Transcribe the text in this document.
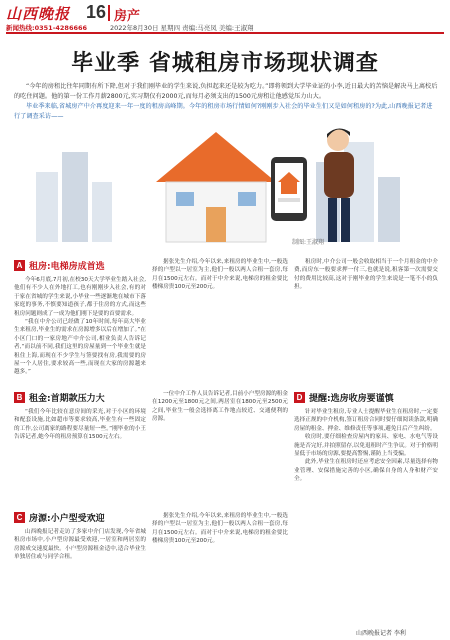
山西晚报 16 房产
新闻热线:0351-4286666	2022年8月30日 星期四 责编:马亮凤 美编:王淑翔
毕业季 省城租房市场现状调查

“今年的房租比往年同期有所下降,但对于我们刚毕业的学生来说,负担起来还是较为吃力。”即将领到大学毕业证的小李,近日最大的苦恼是解决马上离校后的吃住问题。他的第一份工作月薪2800元,实习期仅有2000元,而每月必须支出的1500元房租让他感觉压力山大。

毕业季来临,省城房产中介再度迎来一年一度的租房高峰期。今年的租房市场行情如何?刚刚步入社会的毕业生们又是如何租房的?为此,山西晚报记者进行了调查采访——

制图:王淑翔
A 租房:电梯房成首选

今年6月底,7月初,在校30天大学毕业生踏入社会,他们有不少人在外地打工,也有刚刚步入社会,有的对于家在省城的学生来说,小毕业一些逐渐地在城市下落家庭的事务,不慎要知道孩子,都于住房的方式,而这些租房问题则成了一成为他们刚下是要的首要需求。

“我在中介公司已经做了10年时间,每年高大毕业生来租房,毕业生的需求在房源增多以后在增加了。”在小区门口的一家房地产中介公司,相业负责人告诉记者,“而以前不同,我们这里的房屋量到一个毕业生就是租住上海,而现在不少学生与签要找有房,我需要的房屋一个人居住,要求较高一些,而现在大家的房源越来越多。”

据张先生介绍,今年以来,来租房的毕业生中,一般选择的户型以一居室为主,他们一般以两人合租一套房,每月在1500元左右。而对于中介来说,电梯房的租金要比楼梯房贵100元至200元。

租房时,中介公司一般会收取相当于一个月租金的中介费,而房东一般要求押一付三,也就是说,租客第一次需要交付的费用比较高,这对于刚毕业的学生来说是一笔不小的负担。

B 租金:首期款压力大

“我们今年比较在意房间的采光,对于小区的环境和配套设施,比如超市等要求较高,毕业生有一些固定的工作,公司离家的路程要尽量短一些。”刚毕业的小王告诉记者,她今年的租房预算在1500元左右。

一位中介工作人员告诉记者,目前小户型房源的租金在1200元至1800元之间,两居室在1800元至2500元之间,毕业生一般会选择离工作地点较近、交通便利的房源。

D 提醒:选房收房要谨慎

针对毕业生租房,专业人士提醒毕业生在租房时,一定要选择正规的中介机构,签订租房合同时要仔细阅读条款,明确房屋的租金、押金、维修责任等事项,避免日后产生纠纷。

收房时,要仔细检查房屋内的家具、家电、水电气等设施是否完好,并拍照留存,以免退租时产生争议。对于价格明显低于市场的房源,要提高警惕,谨防上当受骗。

此外,毕业生在租房时还应考虑安全因素,尽量选择有物业管理、安保措施完善的小区,确保自身的人身和财产安全。

C 房源:小户型受欢迎

山西晚报记者走访了多家中介门店发现,今年省城租房市场中,小户型房源最受欢迎,一居室和两居室的房源成交速度最快。小户型房源租金适中,适合毕业生单独居住或与同学合租。

据张先生介绍,今年以来,来租房的毕业生中,一般选择的户型以一居室为主,他们一般以两人合租一套房,每月在1500元左右。而对于中介来说,电梯房的租金要比楼梯房贵100元至200元。

山西晚报记者 李利
